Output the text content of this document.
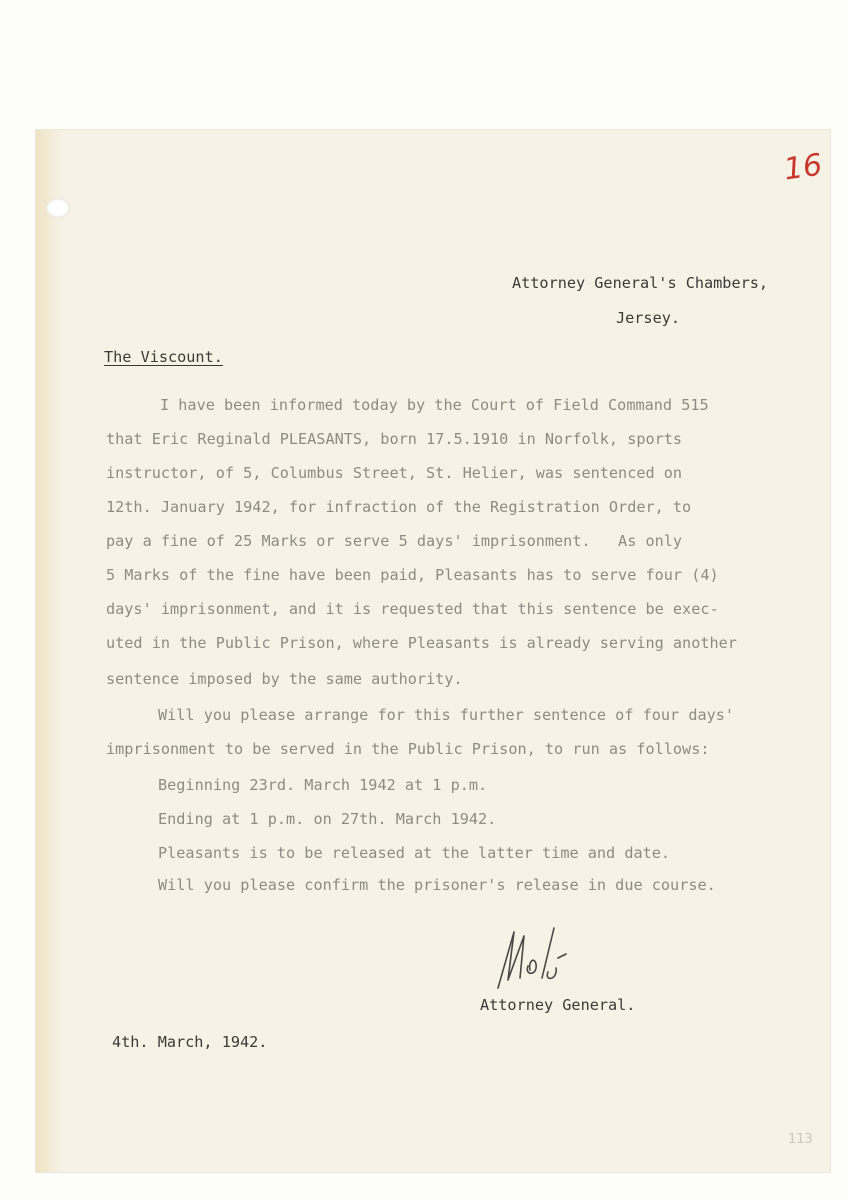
16
Attorney General's Chambers,
Jersey.
The Viscount.
I have been informed today by the Court of Field Command 515
that Eric Reginald PLEASANTS, born 17.5.1910 in Norfolk, sports
instructor, of 5, Columbus Street, St. Helier, was sentenced on
12th. January 1942, for infraction of the Registration Order, to
pay a fine of 25 Marks or serve 5 days' imprisonment.   As only
5 Marks of the fine have been paid, Pleasants has to serve four (4)
days' imprisonment, and it is requested that this sentence be exec-
uted in the Public Prison, where Pleasants is already serving another
sentence imposed by the same authority.
Will you please arrange for this further sentence of four days'
imprisonment to be served in the Public Prison, to run as follows:
Beginning 23rd. March 1942 at 1 p.m.
Ending at 1 p.m. on 27th. March 1942.
Pleasants is to be released at the latter time and date.
Will you please confirm the prisoner's release in due course.
Attorney General.
4th. March, 1942.
113
